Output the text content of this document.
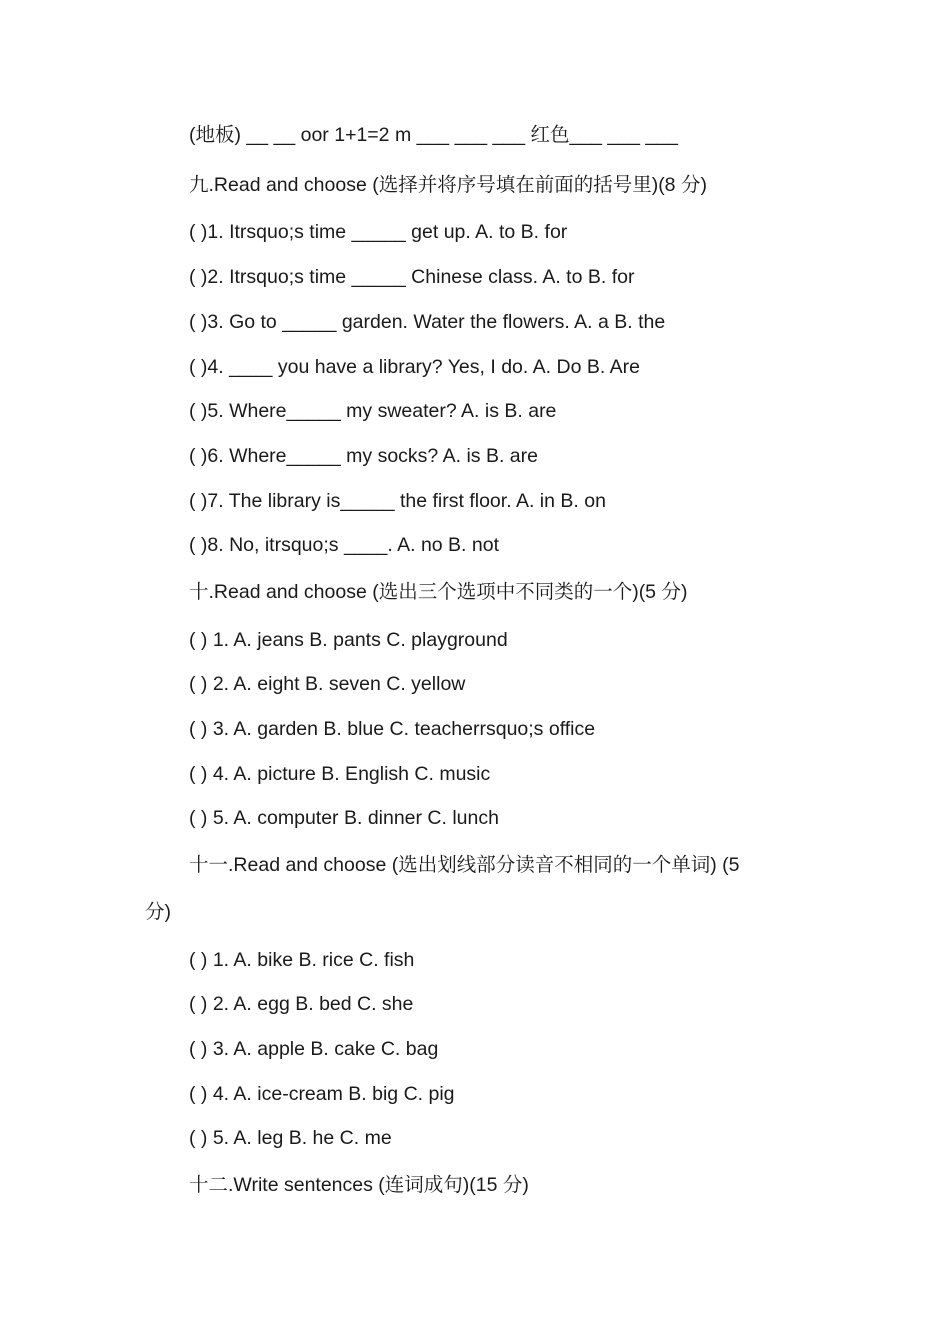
(地板) __ __ oor 1+1=2 m ___ ___ ___ 红色___ ___ ___
九.Read and choose (选择并将序号填在前面的括号里)(8 分)
( )1. Itrsquo;s time _____ get up. A. to B. for
( )2. Itrsquo;s time _____ Chinese class. A. to B. for
( )3. Go to _____ garden. Water the flowers. A. a B. the
( )4. ____ you have a library? Yes, I do. A. Do B. Are
( )5. Where_____ my sweater? A. is B. are
( )6. Where_____ my socks? A. is B. are
( )7. The library is_____ the first floor. A. in B. on
( )8. No, itrsquo;s ____. A. no B. not
十.Read and choose (选出三个选项中不同类的一个)(5 分)
( ) 1. A. jeans B. pants C. playground
( ) 2. A. eight B. seven C. yellow
( ) 3. A. garden B. blue C. teacherrsquo;s office
( ) 4. A. picture B. English C. music
( ) 5. A. computer B. dinner C. lunch
十一.Read and choose (选出划线部分读音不相同的一个单词) (5
分)
( ) 1. A. bike B. rice C. fish
( ) 2. A. egg B. bed C. she
( ) 3. A. apple B. cake C. bag
( ) 4. A. ice-cream B. big C. pig
( ) 5. A. leg B. he C. me
十二.Write sentences (连词成句)(15 分)
